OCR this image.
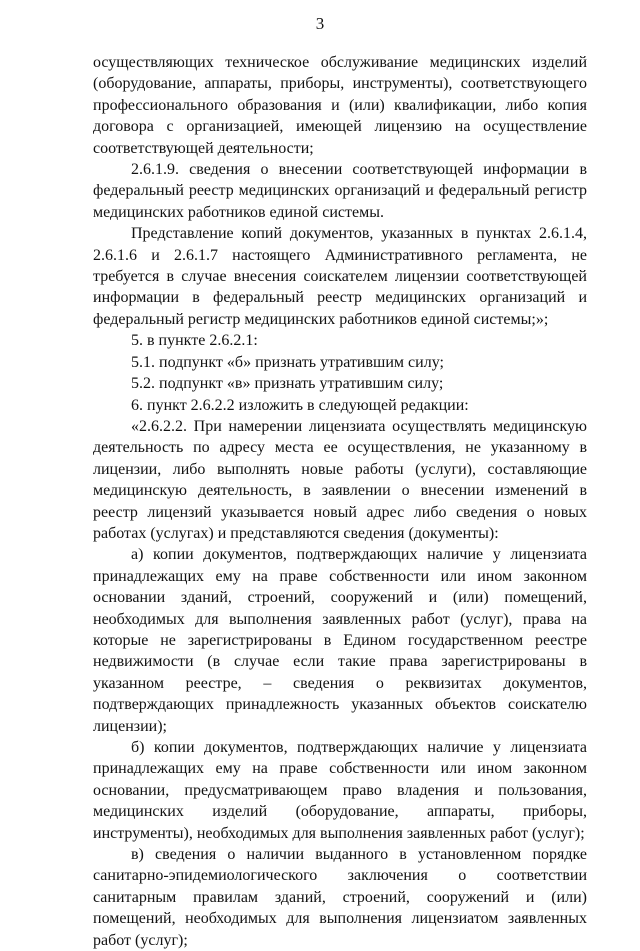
3

осуществляющих техническое обслуживание медицинских изделий (оборудование, аппараты, приборы, инструменты), соответствующего профессионального образования и (или) квалификации, либо копия договора с организацией, имеющей лицензию на осуществление соответствующей деятельности;

2.6.1.9. сведения о внесении соответствующей информации в федеральный реестр медицинских организаций и федеральный регистр медицинских работников единой системы.

Представление копий документов, указанных в пунктах 2.6.1.4, 2.6.1.6 и 2.6.1.7 настоящего Административного регламента, не требуется в случае внесения соискателем лицензии соответствующей информации в федеральный реестр медицинских организаций и федеральный регистр медицинских работников единой системы;»;

5. в пункте 2.6.2.1:

5.1. подпункт «б» признать утратившим силу;

5.2. подпункт «в» признать утратившим силу;

6. пункт 2.6.2.2 изложить в следующей редакции:

«2.6.2.2. При намерении лицензиата осуществлять медицинскую деятельность по адресу места ее осуществления, не указанному в лицензии, либо выполнять новые работы (услуги), составляющие медицинскую деятельность, в заявлении о внесении изменений в реестр лицензий указывается новый адрес либо сведения о новых работах (услугах) и представляются сведения (документы):

а) копии документов, подтверждающих наличие у лицензиата принадлежащих ему на праве собственности или ином законном основании зданий, строений, сооружений и (или) помещений, необходимых для выполнения заявленных работ (услуг), права на которые не зарегистрированы в Едином государственном реестре недвижимости (в случае если такие права зарегистрированы в указанном реестре, – сведения о реквизитах документов, подтверждающих принадлежность указанных объектов соискателю лицензии);

б) копии документов, подтверждающих наличие у лицензиата принадлежащих ему на праве собственности или ином законном основании, предусматривающем право владения и пользования, медицинских изделий (оборудование, аппараты, приборы, инструменты), необходимых для выполнения заявленных работ (услуг);

в) сведения о наличии выданного в установленном порядке санитарно-эпидемиологического заключения о соответствии санитарным правилам зданий, строений, сооружений и (или) помещений, необходимых для выполнения лицензиатом заявленных работ (услуг);
